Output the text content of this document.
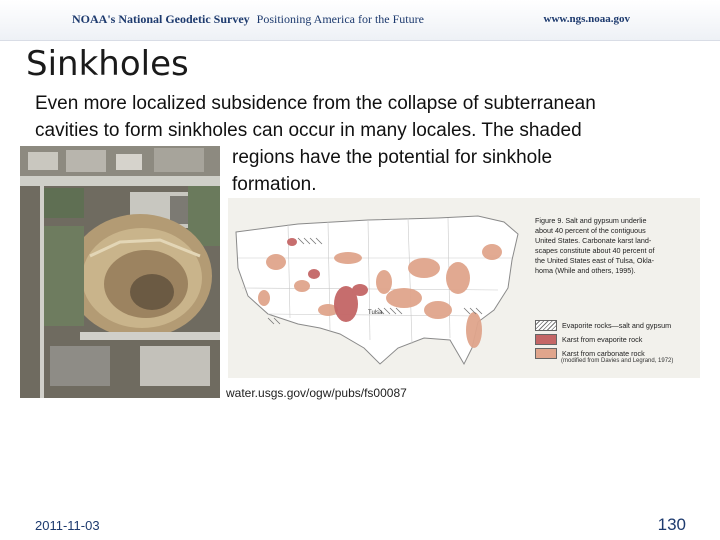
NOAA's National Geodetic Survey Positioning America for the Future	www.ngs.noaa.gov
Sinkholes
Even more localized subsidence from the collapse of subterranean
cavities to form sinkholes can occur in many locales. The shaded
regions have the potential for sinkhole
formation.
Tulsa
Figure 9. Salt and gypsum underlie
about 40 percent of the contiguous
United States. Carbonate karst land-
scapes constitute about 40 percent of
the United States east of Tulsa, Okla-
homa (While and others, 1995).
Evaporite rocks—salt and gypsum
Karst from evaporite rock
Karst from carbonate rock
(modified from Davies and Legrand, 1972)
water.usgs.gov/ogw/pubs/fs00087
2011-11-03	130
